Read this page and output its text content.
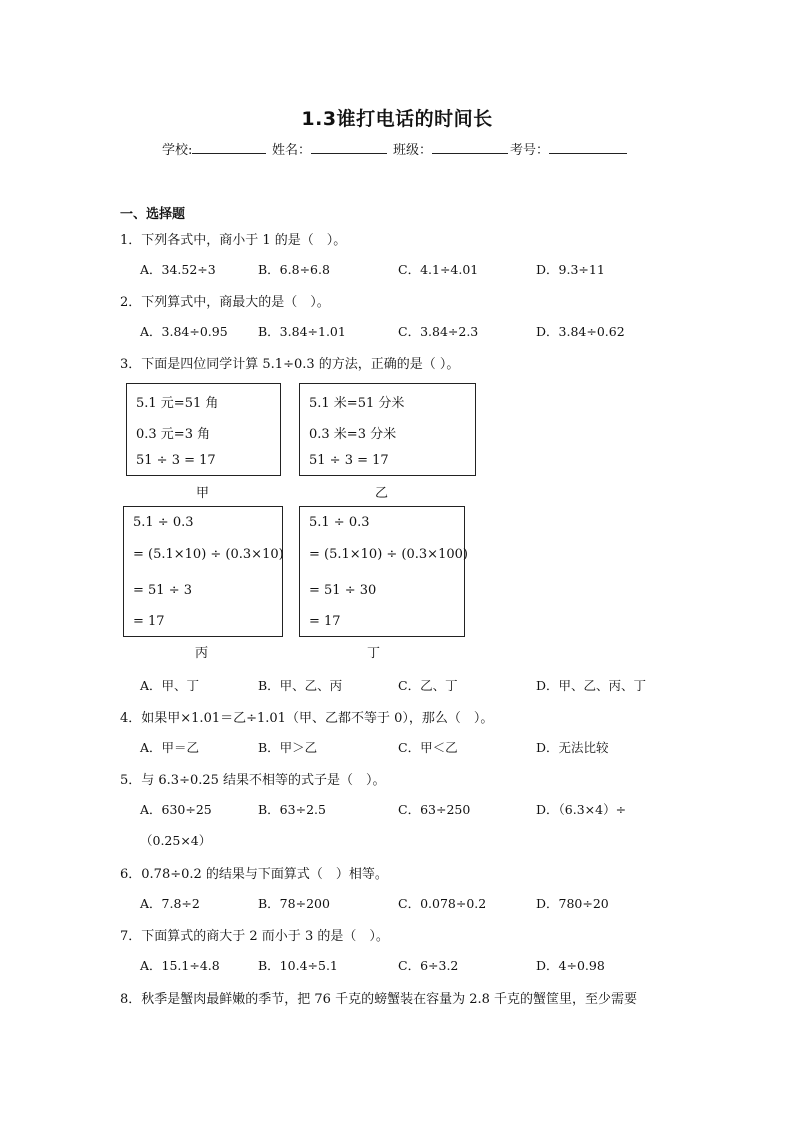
1.3谁打电话的时间长
学校:	姓名：	班级：	考号：
一、选择题
1．下列各式中，商小于 1 的是（　）。
A．34.52÷3	B．6.8÷6.8	C．4.1÷4.01	D．9.3÷11
2．下列算式中，商最大的是（　）。
A．3.84÷0.95 B．3.84÷1.01	C．3.84÷2.3	D．3.84÷0.62
3．下面是四位同学计算 5.1÷0.3 的方法，正确的是（ ）。
5.1 元=51 角
0.3 元=3 角
51 ÷ 3 = 17
甲
5.1 米=51 分米
0.3 米=3 分米
51 ÷ 3 = 17
乙
5.1 ÷ 0.3
= (5.1×10) ÷ (0.3×10)
= 51 ÷ 3
= 17
丙
5.1 ÷ 0.3
= (5.1×10) ÷ (0.3×100)
= 51 ÷ 30
= 17
丁
A．甲、丁	B．甲、乙、丙	C．乙、丁	D．甲、乙、丙、丁
4．如果甲×1.01＝乙÷1.01（甲、乙都不等于 0），那么（　）。
A．甲＝乙	B．甲＞乙	C．甲＜乙	D．无法比较
5．与 6.3÷0.25 结果不相等的式子是（　）。
A．630÷25	B．63÷2.5	C．63÷250	D．（6.3×4）÷
（0.25×4）
6．0.78÷0.2 的结果与下面算式（　）相等。
A．7.8÷2	B．78÷200	C．0.078÷0.2	D．780÷20
7．下面算式的商大于 2 而小于 3 的是（　）。
A．15.1÷4.8	B．10.4÷5.1	C．6÷3.2	D．4÷0.98
8．秋季是蟹肉最鲜嫩的季节，把 76 千克的螃蟹装在容量为 2.8 千克的蟹筐里，至少需要
